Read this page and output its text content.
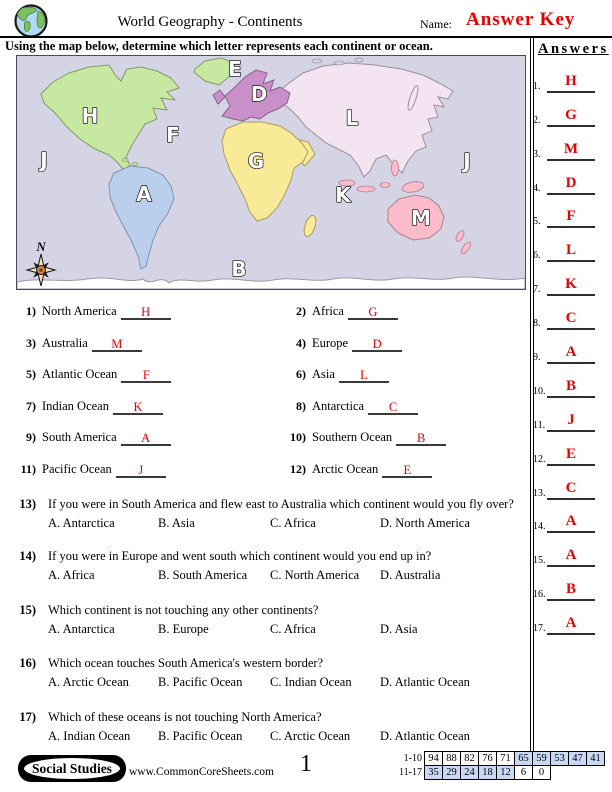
World Geography - Continents	Name: Answer Key
Using the map below, determine which letter represents each continent or ocean.
E
D
H
F
L
J	G	J
A	K
M
B
N
Answers
1.	H
2.	G
3.	M
4.	D
5.	F
6.	L
7.	K
8.	C
9.	A
10.	B
11.	J
12.	E
13.	C
14.	A
15.	A
16.	B
17.	A
1) North America H	2) Africa G
3) Australia M	4) Europe D
5) Atlantic Ocean F	6) Asia L
7) Indian Ocean K	8) Antarctica C
9) South America A	10) Southern Ocean B
11) Pacific Ocean J	12) Arctic Ocean E
13) If you were in South America and flew east to Australia which continent would you fly over?
A. Antarctica	B. Asia	C. Africa	D. North America
14) If you were in Europe and went south which continent would you end up in?
A. Africa	B. South America	C. North America	D. Australia
15) Which continent is not touching any other continents?
A. Antarctica	B. Europe	C. Africa	D. Asia
16) Which ocean touches South America's western border?
A. Arctic Ocean	B. Pacific Ocean	C. Indian Ocean	D. Atlantic Ocean
17) Which of these oceans is not touching North America?
A. Indian Ocean	B. Pacific Ocean	C. Arctic Ocean	D. Atlantic Ocean
Social Studies	www.CommonCoreSheets.com 1	1-10 94 88 82 76 71 65 59 53 47 41
11-17 35 29 24 18 12 6	0
